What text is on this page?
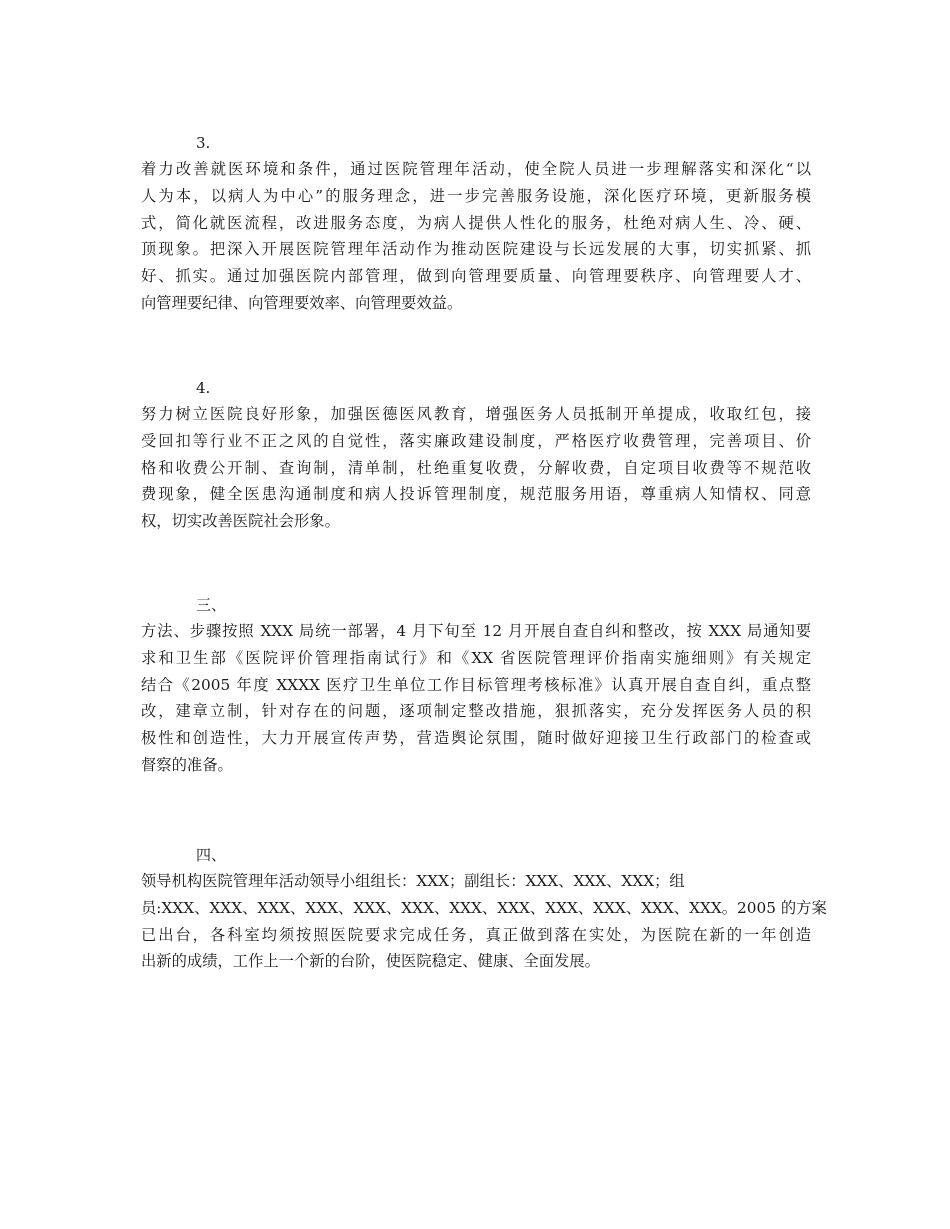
3.
着力改善就医环境和条件，通过医院管理年活动，使全院人员进一步理解落实和深化“以
人为本，以病人为中心”的服务理念，进一步完善服务设施，深化医疗环境，更新服务模
式，简化就医流程，改进服务态度，为病人提供人性化的服务，杜绝对病人生、冷、硬、
顶现象。把深入开展医院管理年活动作为推动医院建设与长远发展的大事，切实抓紧、抓
好、抓实。通过加强医院内部管理，做到向管理要质量、向管理要秩序、向管理要人才、
向管理要纪律、向管理要效率、向管理要效益。
4.
努力树立医院良好形象，加强医德医风教育，增强医务人员抵制开单提成，收取红包，接
受回扣等行业不正之风的自觉性，落实廉政建设制度，严格医疗收费管理，完善项目、价
格和收费公开制、查询制，清单制，杜绝重复收费，分解收费，自定项目收费等不规范收
费现象，健全医患沟通制度和病人投诉管理制度，规范服务用语，尊重病人知情权、同意
权，切实改善医院社会形象。
三、
方法、步骤按照 XXX 局统一部署，4 月下旬至 12 月开展自查自纠和整改，按 XXX 局通知要
求和卫生部《医院评价管理指南试行》和《XX 省医院管理评价指南实施细则》有关规定
结合《2005 年度 XXXX 医疗卫生单位工作目标管理考核标准》认真开展自查自纠，重点整
改，建章立制，针对存在的问题，逐项制定整改措施，狠抓落实，充分发挥医务人员的积
极性和创造性，大力开展宣传声势，营造舆论氛围，随时做好迎接卫生行政部门的检查或
督察的准备。
四、
领导机构医院管理年活动领导小组组长：XXX；副组长：XXX、XXX、XXX；组
员:XXX、XXX、XXX、XXX、XXX、XXX、XXX、XXX、XXX、XXX、XXX、XXX。2005 的方案
已出台，各科室均须按照医院要求完成任务，真正做到落在实处，为医院在新的一年创造
出新的成绩，工作上一个新的台阶，使医院稳定、健康、全面发展。
